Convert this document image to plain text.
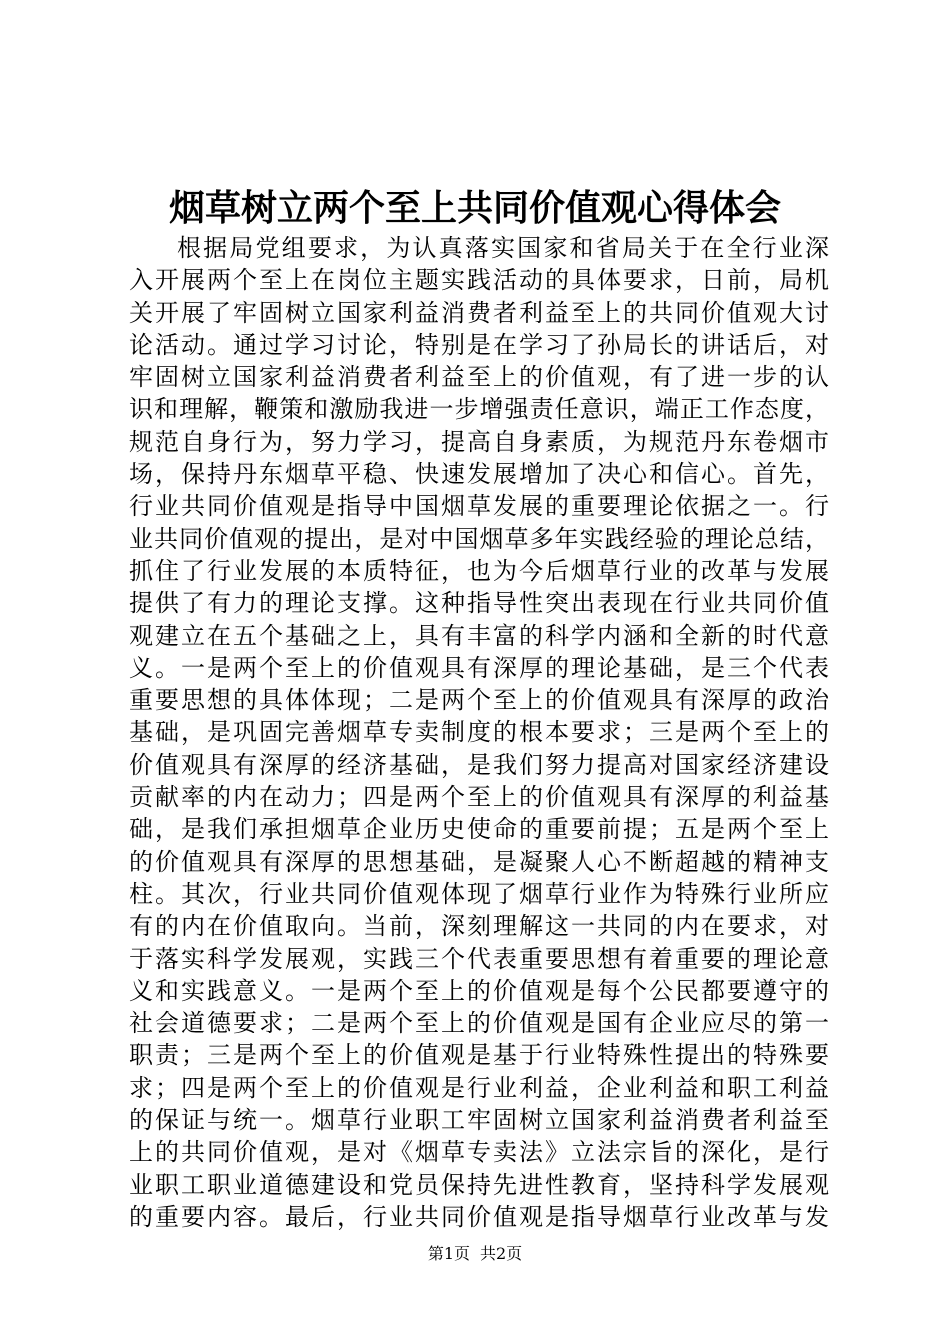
烟草树立两个至上共同价值观心得体会
根据局党组要求，为认真落实国家和省局关于在全行业深
入开展两个至上在岗位主题实践活动的具体要求，日前，局机
关开展了牢固树立国家利益消费者利益至上的共同价值观大讨
论活动。通过学习讨论，特别是在学习了孙局长的讲话后，对
牢固树立国家利益消费者利益至上的价值观，有了进一步的认
识和理解，鞭策和激励我进一步增强责任意识，端正工作态度，
规范自身行为，努力学习，提高自身素质，为规范丹东卷烟市
场，保持丹东烟草平稳、快速发展增加了决心和信心。首先，
行业共同价值观是指导中国烟草发展的重要理论依据之一。行
业共同价值观的提出，是对中国烟草多年实践经验的理论总结，
抓住了行业发展的本质特征，也为今后烟草行业的改革与发展
提供了有力的理论支撑。这种指导性突出表现在行业共同价值
观建立在五个基础之上，具有丰富的科学内涵和全新的时代意
义。一是两个至上的价值观具有深厚的理论基础，是三个代表
重要思想的具体体现；二是两个至上的价值观具有深厚的政治
基础，是巩固完善烟草专卖制度的根本要求；三是两个至上的
价值观具有深厚的经济基础，是我们努力提高对国家经济建设
贡献率的内在动力；四是两个至上的价值观具有深厚的利益基
础，是我们承担烟草企业历史使命的重要前提；五是两个至上
的价值观具有深厚的思想基础，是凝聚人心不断超越的精神支
柱。其次，行业共同价值观体现了烟草行业作为特殊行业所应
有的内在价值取向。当前，深刻理解这一共同的内在要求，对
于落实科学发展观，实践三个代表重要思想有着重要的理论意
义和实践意义。一是两个至上的价值观是每个公民都要遵守的
社会道德要求；二是两个至上的价值观是国有企业应尽的第一
职责；三是两个至上的价值观是基于行业特殊性提出的特殊要
求；四是两个至上的价值观是行业利益，企业利益和职工利益
的保证与统一。烟草行业职工牢固树立国家利益消费者利益至
上的共同价值观，是对《烟草专卖法》立法宗旨的深化，是行
业职工职业道德建设和党员保持先进性教育，坚持科学发展观
的重要内容。最后，行业共同价值观是指导烟草行业改革与发
第1页 共2页
